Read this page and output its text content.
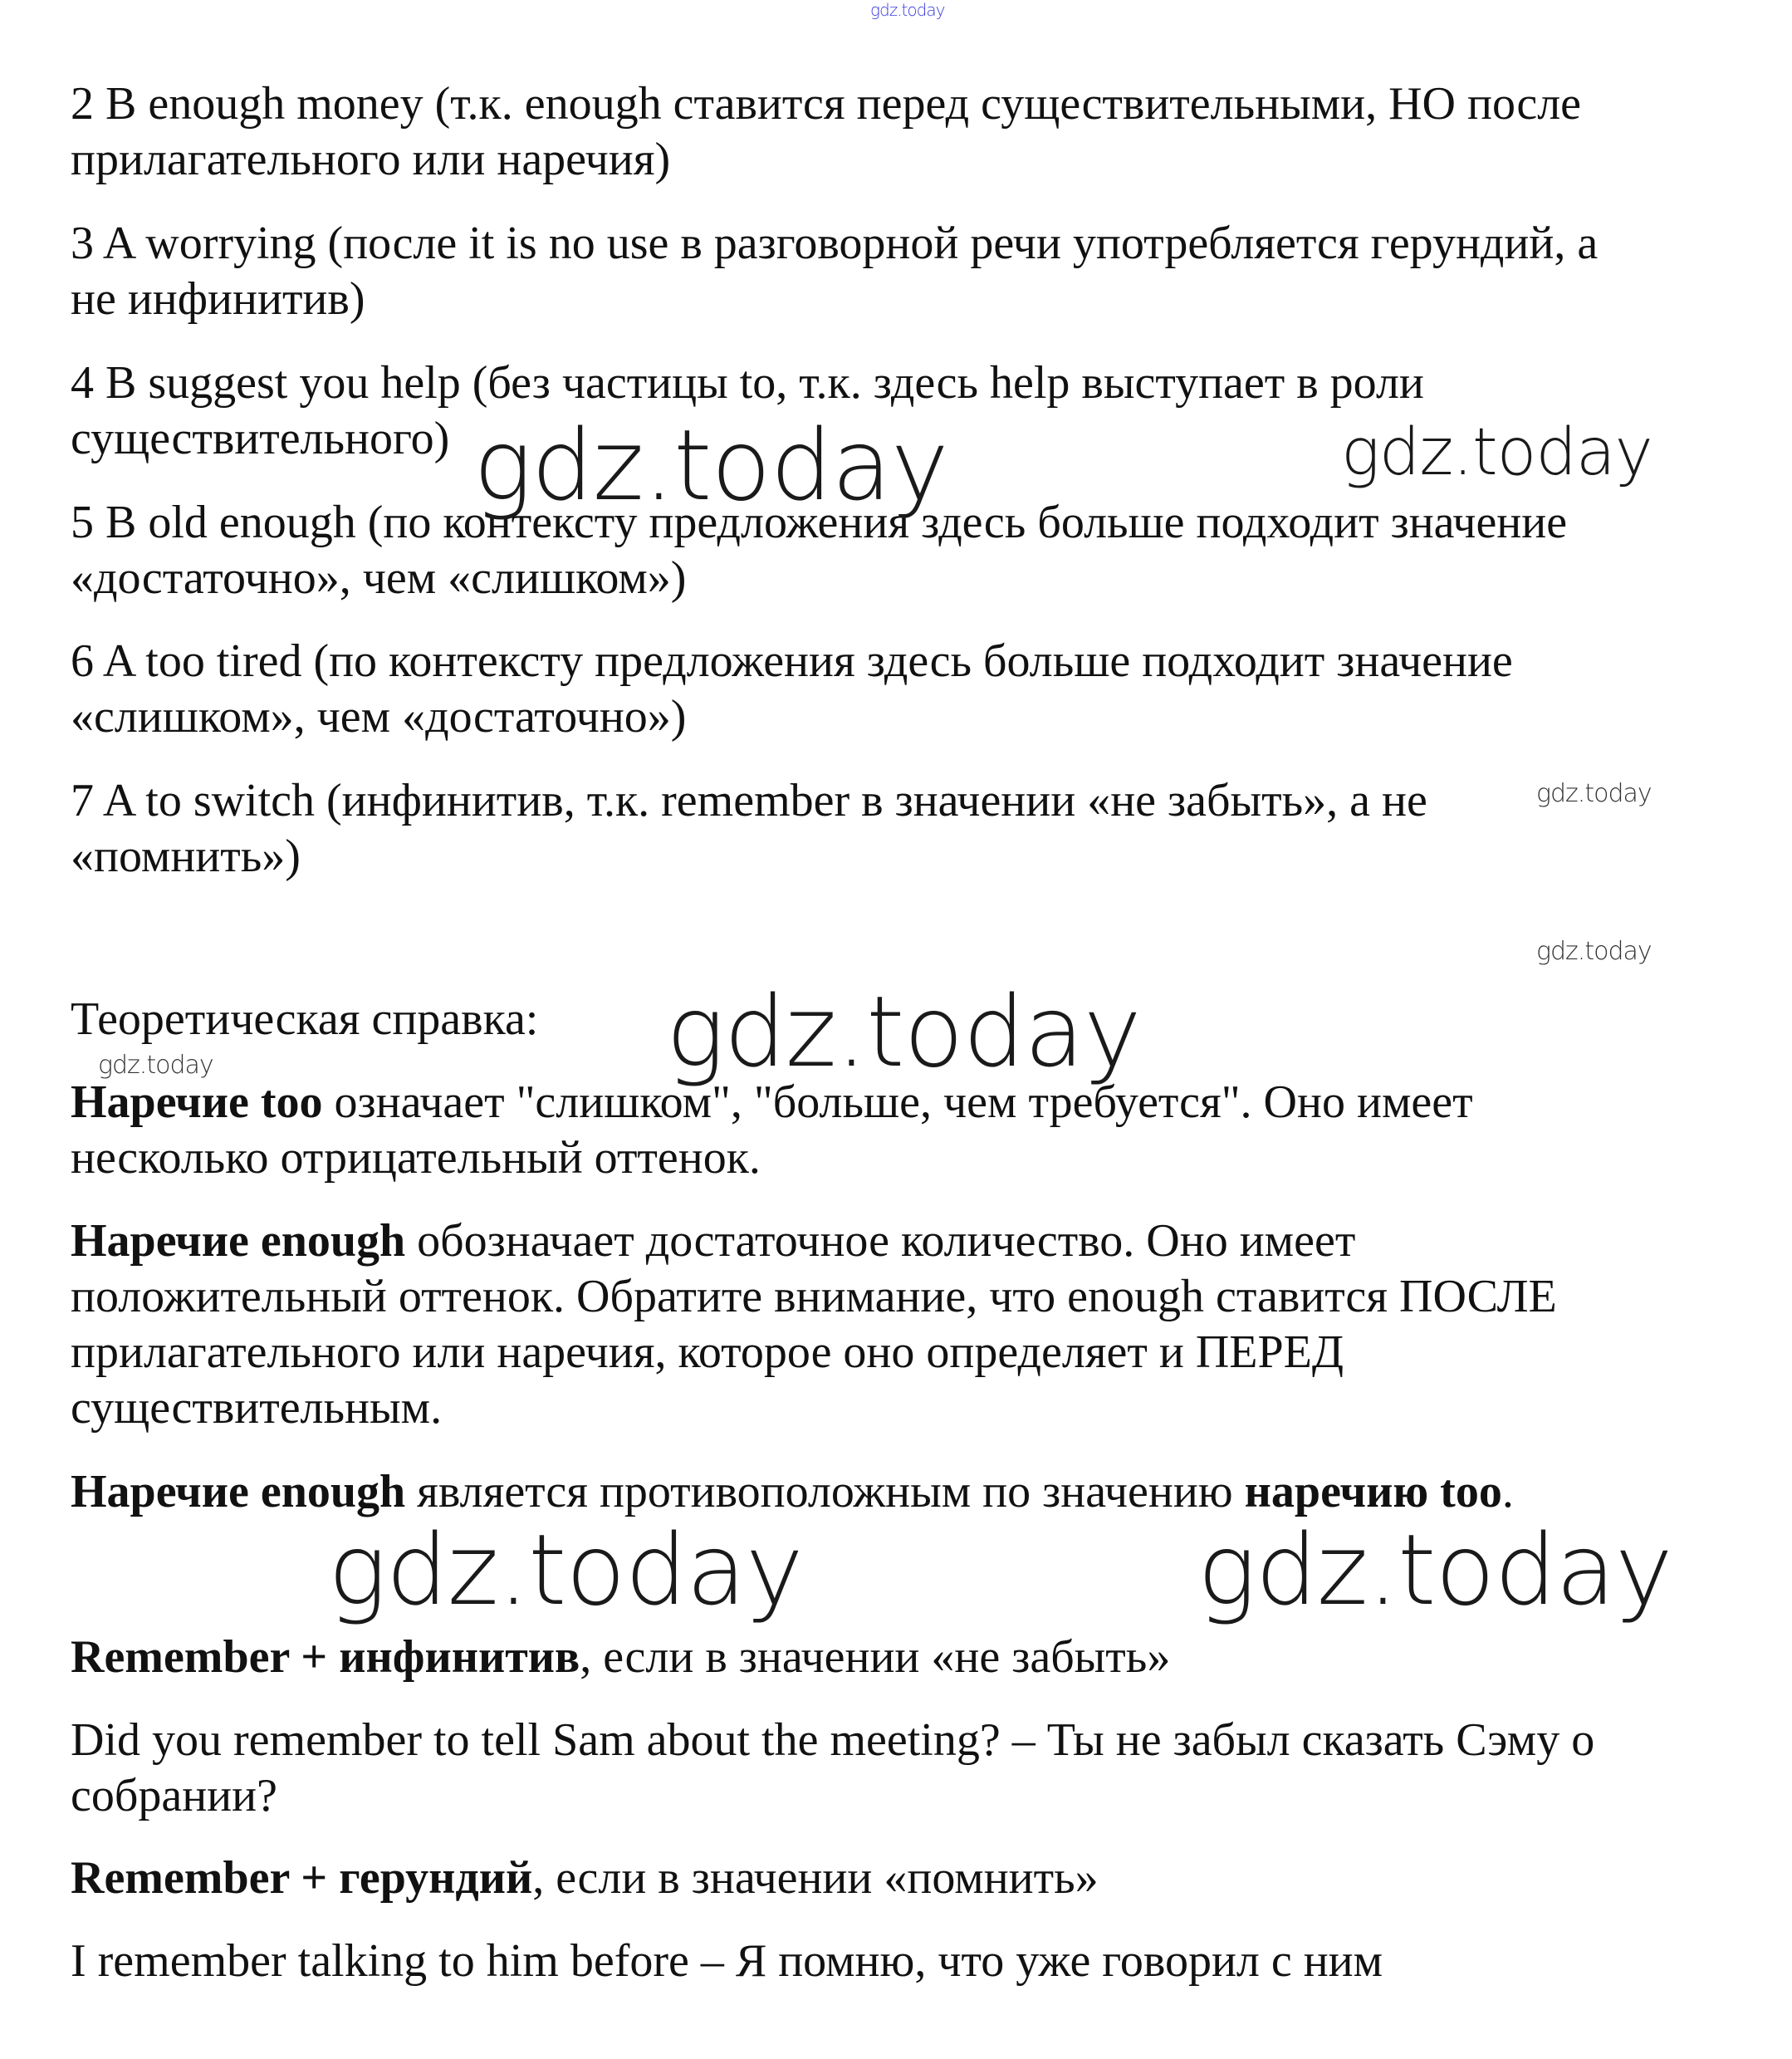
gdz.today
2 B enough money (т.к. enough ставится перед существительными, НО после
прилагательного или наречия)
3 A worrying (после it is no use в разговорной речи употребляется герундий, а
не инфинитив)
4 B suggest you help (без частицы to, т.к. здесь help выступает в роли
существительного)
5 B old enough (по контексту предложения здесь больше подходит значение
«достаточно», чем «слишком»)
6 A too tired (по контексту предложения здесь больше подходит значение
«слишком», чем «достаточно»)
7 A to switch (инфинитив, т.к. remember в значении «не забыть», а не
«помнить»)
gdz.today	gdz.today
gdz.today
gdz.today
Теоретическая справка:	gdz.today
gdz.today
Наречие too означает "слишком", "больше, чем требуется". Оно имеет
несколько отрицательный оттенок.
Наречие enough обозначает достаточное количество. Оно имеет
положительный оттенок. Обратите внимание, что enough ставится ПОСЛЕ
прилагательного или наречия, которое оно определяет и ПЕРЕД
существительным.
Наречие enough является противоположным по значению наречию too.
gdz.today	gdz.today
Remember + инфинитив, если в значении «не забыть»
Did you remember to tell Sam about the meeting? – Ты не забыл сказать Сэму о
собрании?
Remember + герундий, если в значении «помнить»
I remember talking to him before – Я помню, что уже говорил с ним
